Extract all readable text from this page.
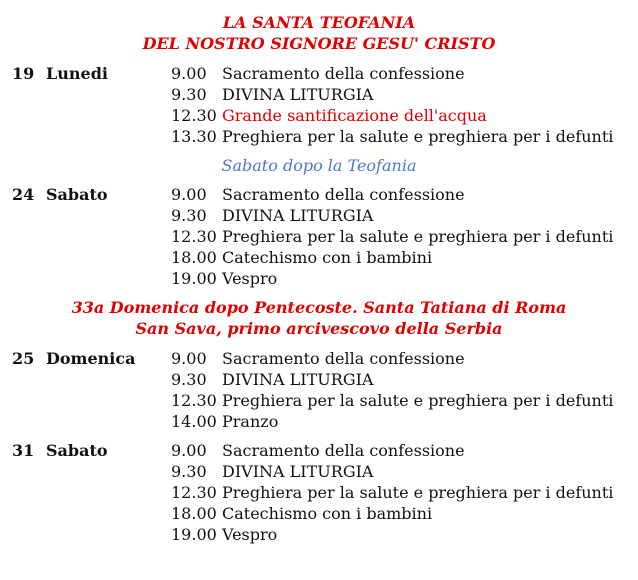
LA SANTA TEOFANIA
DEL NOSTRO SIGNORE GESU' CRISTO
19 Lunedi	9.00 Sacramento della confessione
9.30 DIVINA LITURGIA
12.30 Grande santificazione dell'acqua
13.30 Preghiera per la salute e preghiera per i defunti
Sabato dopo la Teofania
24 Sabato	9.00 Sacramento della confessione
9.30 DIVINA LITURGIA
12.30 Preghiera per la salute e preghiera per i defunti
18.00 Catechismo con i bambini
19.00 Vespro
33a Domenica dopo Pentecoste. Santa Tatiana di Roma
San Sava, primo arcivescovo della Serbia
25 Domenica 9.00 Sacramento della confessione
9.30 DIVINA LITURGIA
12.30 Preghiera per la salute e preghiera per i defunti
14.00 Pranzo
31 Sabato	9.00 Sacramento della confessione
9.30 DIVINA LITURGIA
12.30 Preghiera per la salute e preghiera per i defunti
18.00 Catechismo con i bambini
19.00 Vespro
